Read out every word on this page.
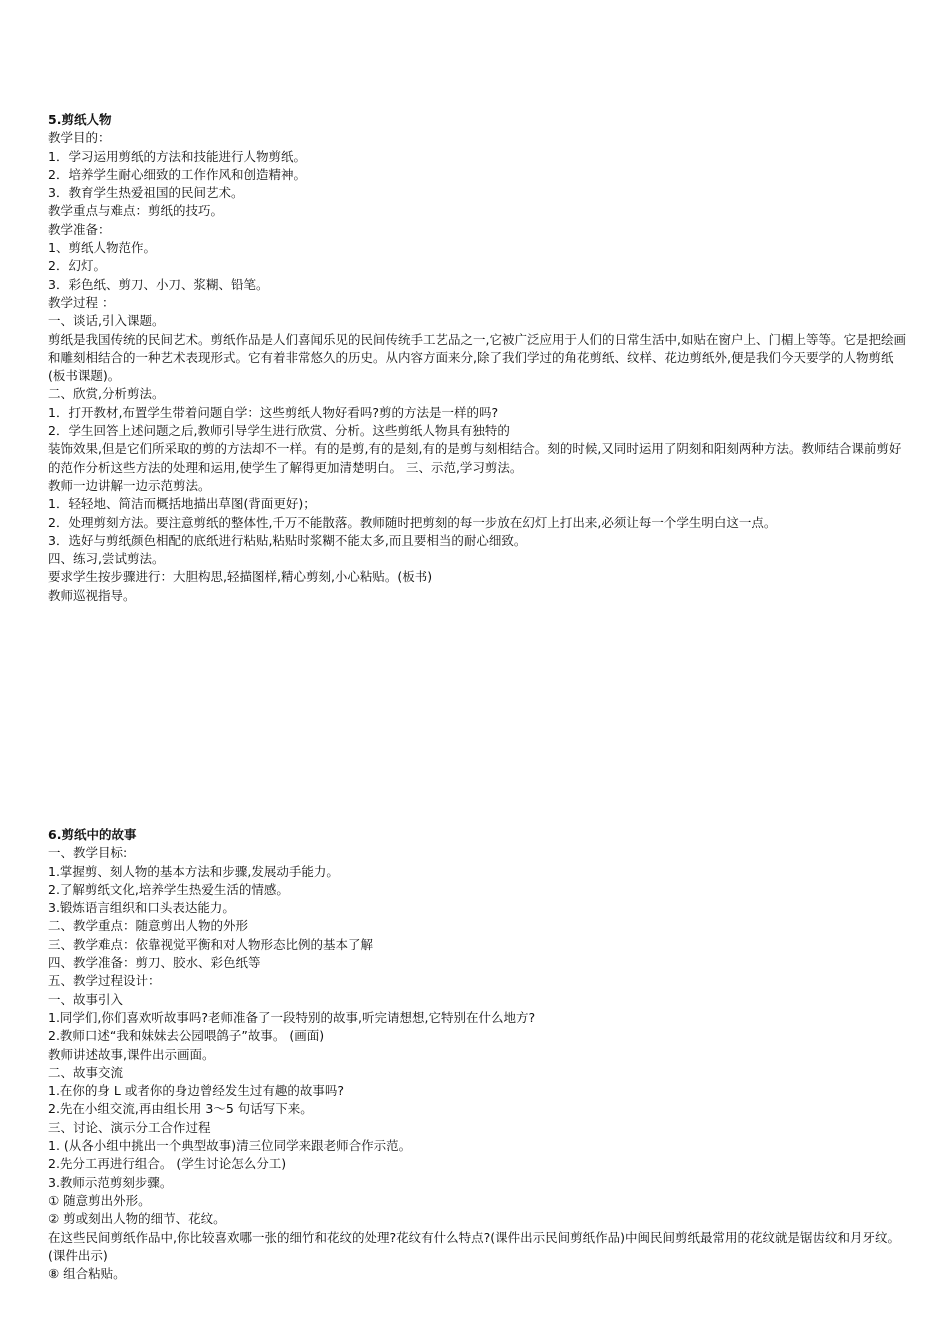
5.剪纸人物
教学目的：
1．学习运用剪纸的方法和技能进行人物剪纸。
2．培养学生耐心细致的工作作风和创造精神。
3．教育学生热爱祖国的民间艺术。
教学重点与难点：剪纸的技巧。
教学准备：
1、剪纸人物范作。
2．幻灯。
3．彩色纸、剪刀、小刀、浆糊、铅笔。
教学过程 ：
一、谈话,引入课题。
剪纸是我国传统的民间艺术。剪纸作品是人们喜闻乐见的民间传统手工艺品之一,它被广泛应用于人们的日常生活中,如贴在窗户上、门楣上等等。它是把绘画和雕刻相结合的一种艺术表现形式。它有着非常悠久的历史。从内容方面来分,除了我们学过的角花剪纸、纹样、花边剪纸外,便是我们今天要学的人物剪纸(板书课题)。
二、欣赏,分析剪法。
1．打开教材,布置学生带着问题自学：这些剪纸人物好看吗?剪的方法是一样的吗?
2．学生回答上述问题之后,教师引导学生进行欣赏、分析。这些剪纸人物具有独特的
装饰效果,但是它们所采取的剪的方法却不一样。有的是剪,有的是刻,有的是剪与刻相结合。刻的时候,又同时运用了阴刻和阳刻两种方法。教师结合课前剪好的范作分析这些方法的处理和运用,使学生了解得更加清楚明白。 三、示范,学习剪法。
教师一边讲解一边示范剪法。
1．轻轻地、简洁而概括地描出草图(背面更好)；
2．处理剪刻方法。要注意剪纸的整体性,千万不能散落。教师随时把剪刻的每一步放在幻灯上打出来,必须让每一个学生明白这一点。
3．选好与剪纸颜色相配的底纸进行粘贴,粘贴时浆糊不能太多,而且要相当的耐心细致。
四、练习,尝试剪法。
要求学生按步骤进行：大胆构思,轻描图样,精心剪刻,小心粘贴。(板书)
教师巡视指导。
6.剪纸中的故事
一、教学目标:
1.掌握剪、刻人物的基本方法和步骤,发展动手能力。
2.了解剪纸文化,培养学生热爱生活的情感。
3.锻炼语言组织和口头表达能力。
二、教学重点：随意剪出人物的外形
三、教学难点：依靠视觉平衡和对人物形态比例的基本了解
四、教学准备：剪刀、胶水、彩色纸等
五、教学过程设计：
一、故事引入
1.同学们,你们喜欢听故事吗?老师准备了一段特别的故事,听完请想想,它特别在什么地方?
2.教师口述“我和妹妹去公园喂鸽子”故事。 (画面)
教师讲述故事,课件出示画面。
二、故事交流
1.在你的身 L 或者你的身边曾经发生过有趣的故事吗?
2.先在小组交流,再由组长用 3～5 句话写下来。
三、讨论、演示分工合作过程
1. (从各小组中挑出一个典型故事)清三位同学来跟老师合作示范。
2.先分工再进行组合。 (学生讨论怎么分工)
3.教师示范剪刻步骤。
① 随意剪出外形。
② 剪或刻出人物的细节、花纹。
在这些民间剪纸作品中,你比较喜欢哪一张的细竹和花纹的处理?花纹有什么特点?(课件出示民间剪纸作品)中闽民间剪纸最常用的花纹就是锯齿纹和月牙纹。 (课件出示)
⑧ 组合粘贴。
